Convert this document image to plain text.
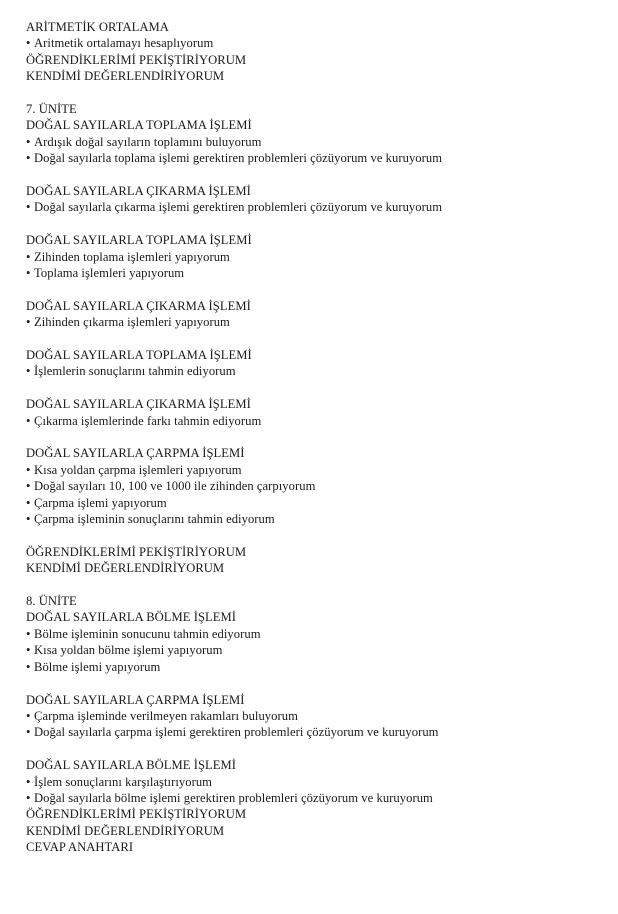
ARİTMETİK ORTALAMA
• Aritmetik ortalamayı hesaplıyorum
ÖĞRENDİKLERİMİ PEKİŞTİRİYORUM
KENDİMİ DEĞERLENDİRİYORUM
7. ÜNİTE
DOĞAL SAYILARLA TOPLAMA İŞLEMİ
• Ardışık doğal sayıların toplamını buluyorum
• Doğal sayılarla toplama işlemi gerektiren problemleri çözüyorum ve kuruyorum
DOĞAL SAYILARLA ÇIKARMA İŞLEMİ
• Doğal sayılarla çıkarma işlemi gerektiren problemleri çözüyorum ve kuruyorum
DOĞAL SAYILARLA TOPLAMA İŞLEMİ
• Zihinden toplama işlemleri yapıyorum
• Toplama işlemleri yapıyorum
DOĞAL SAYILARLA ÇIKARMA İŞLEMİ
• Zihinden çıkarma işlemleri yapıyorum
DOĞAL SAYILARLA TOPLAMA İŞLEMİ
• İşlemlerin sonuçlarını tahmin ediyorum
DOĞAL SAYILARLA ÇIKARMA İŞLEMİ
• Çıkarma işlemlerinde farkı tahmin ediyorum
DOĞAL SAYILARLA ÇARPMA İŞLEMİ
• Kısa yoldan çarpma işlemleri yapıyorum
• Doğal sayıları 10, 100 ve 1000 ile zihinden çarpıyorum
• Çarpma işlemi yapıyorum
• Çarpma işleminin sonuçlarını tahmin ediyorum
ÖĞRENDİKLERİMİ PEKİŞTİRİYORUM
KENDİMİ DEĞERLENDİRİYORUM
8. ÜNİTE
DOĞAL SAYILARLA BÖLME İŞLEMİ
• Bölme işleminin sonucunu tahmin ediyorum
• Kısa yoldan bölme işlemi yapıyorum
• Bölme işlemi yapıyorum
DOĞAL SAYILARLA ÇARPMA İŞLEMİ
• Çarpma işleminde verilmeyen rakamları buluyorum
• Doğal sayılarla çarpma işlemi gerektiren problemleri çözüyorum ve kuruyorum
DOĞAL SAYILARLA BÖLME İŞLEMİ
• İşlem sonuçlarını karşılaştırıyorum
• Doğal sayılarla bölme işlemi gerektiren problemleri çözüyorum ve kuruyorum
ÖĞRENDİKLERİMİ PEKİŞTİRİYORUM
KENDİMİ DEĞERLENDİRİYORUM
CEVAP ANAHTARI
